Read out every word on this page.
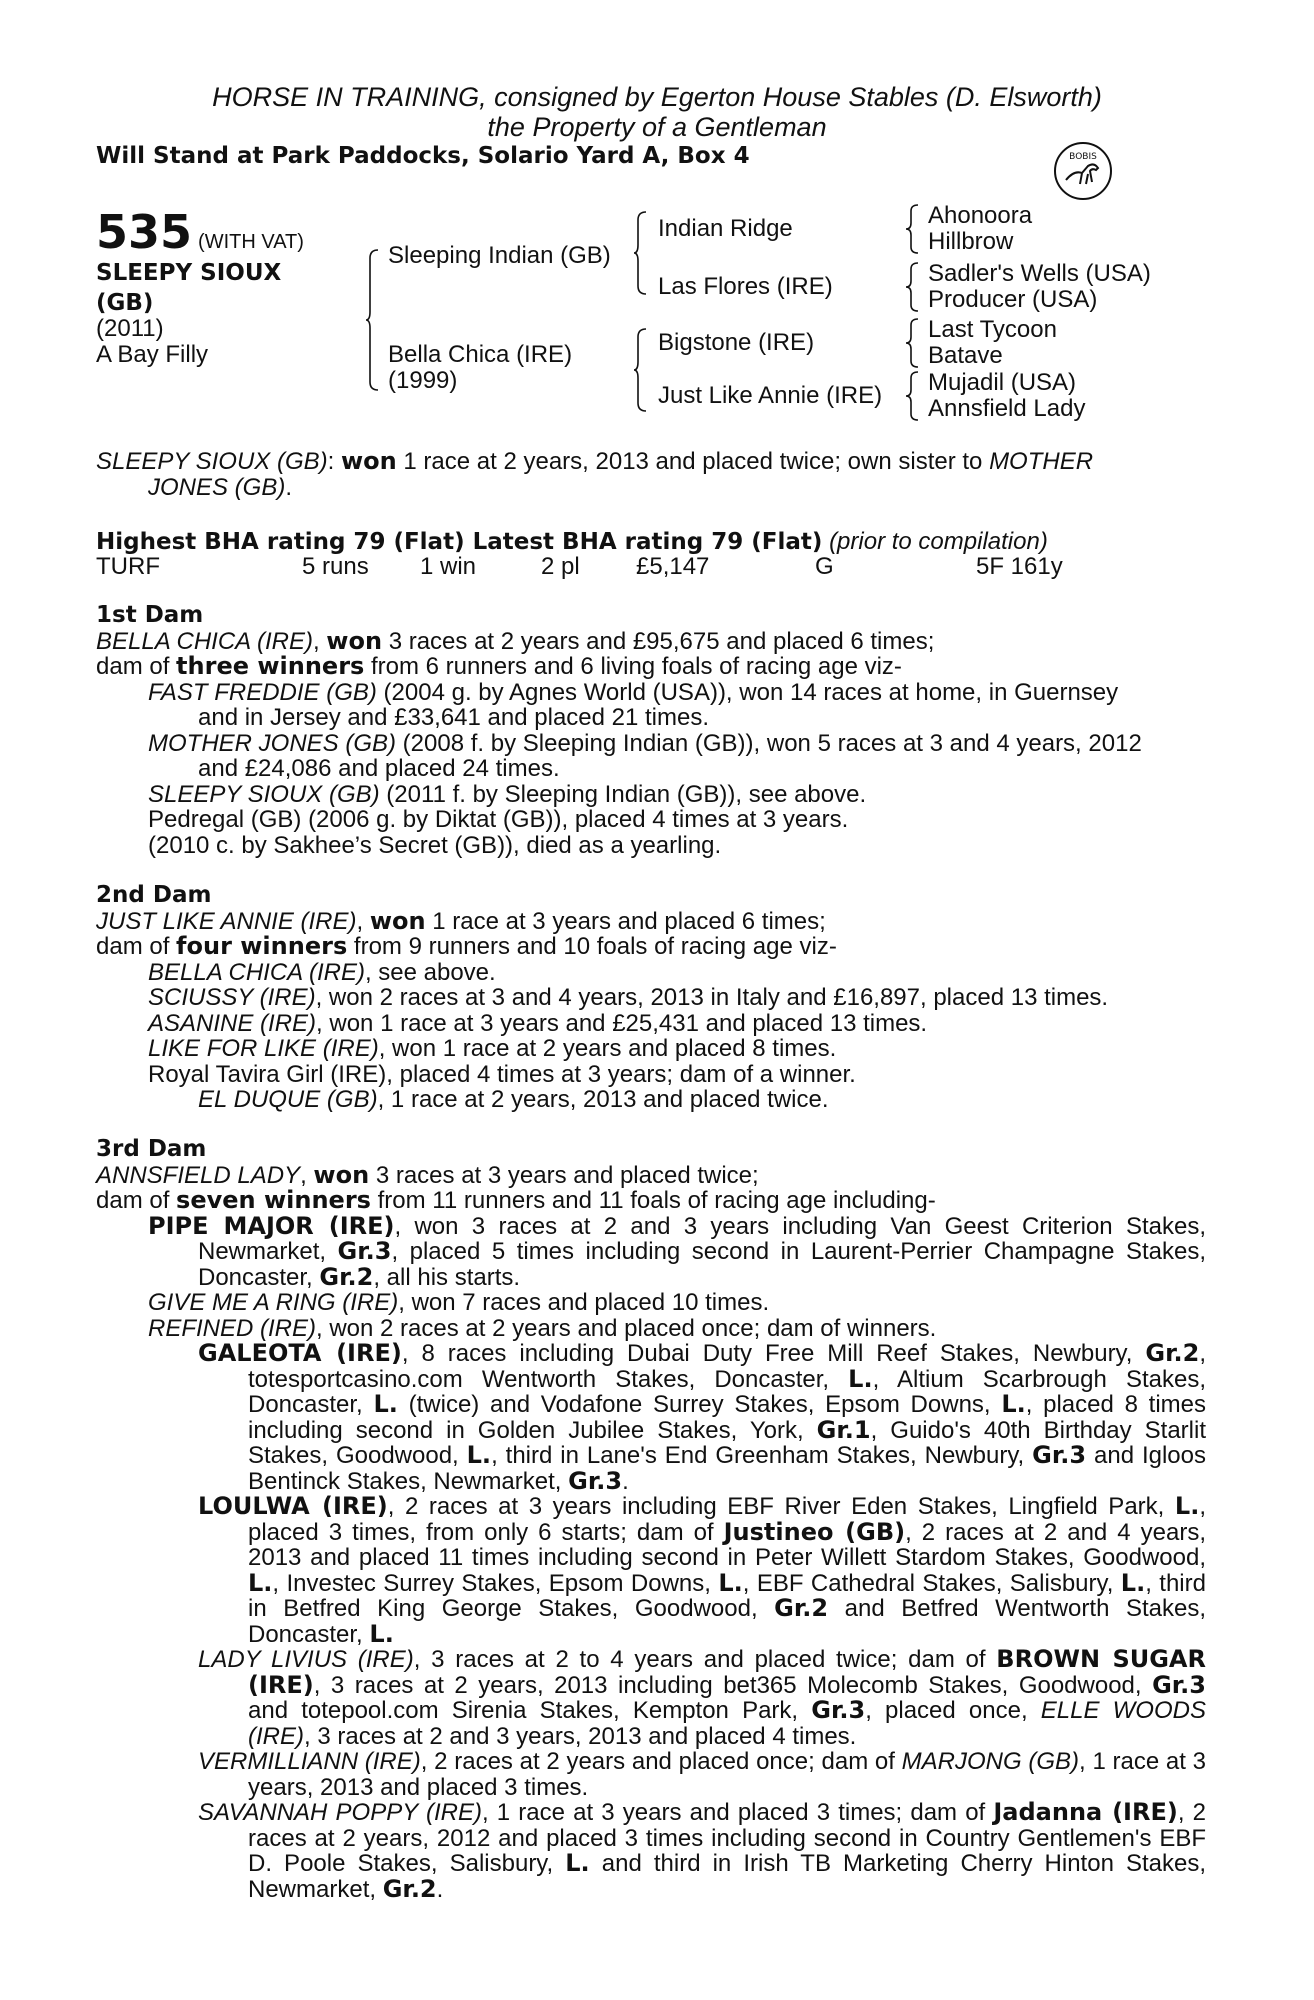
HORSE IN TRAINING, consigned by Egerton House Stables (D. Elsworth)
the Property of a Gentleman
Will Stand at Park Paddocks, Solario Yard A, Box 4	BOBIS
535 (WITH VAT)
SLEEPY SIOUX (GB)
(2011)
A Bay Filly
Sleeping Indian (GB)
Bella Chica (IRE)
(1999)
Indian Ridge
Las Flores (IRE)
Bigstone (IRE)
Just Like Annie (IRE)
Ahonoora
Hillbrow
Sadler's Wells (USA)
Producer (USA)
Last Tycoon
Batave
Mujadil (USA)
Annsfield Lady
SLEEPY SIOUX (GB): won 1 race at 2 years, 2013 and placed twice; own sister to MOTHER
JONES (GB).
Highest BHA rating 79 (Flat) Latest BHA rating 79 (Flat) (prior to compilation)
TURF	5 runs 1 win	2 pl £5,147	G	5F 161y
1st Dam
BELLA CHICA (IRE), won 3 races at 2 years and £95,675 and placed 6 times;
dam of three winners from 6 runners and 6 living foals of racing age viz-
FAST FREDDIE (GB) (2004 g. by Agnes World (USA)), won 14 races at home, in Guernsey
and in Jersey and £33,641 and placed 21 times.
MOTHER JONES (GB) (2008 f. by Sleeping Indian (GB)), won 5 races at 3 and 4 years, 2012
and £24,086 and placed 24 times.
SLEEPY SIOUX (GB) (2011 f. by Sleeping Indian (GB)), see above.
Pedregal (GB) (2006 g. by Diktat (GB)), placed 4 times at 3 years.
(2010 c. by Sakhee’s Secret (GB)), died as a yearling.
2nd Dam
JUST LIKE ANNIE (IRE), won 1 race at 3 years and placed 6 times;
dam of four winners from 9 runners and 10 foals of racing age viz-
BELLA CHICA (IRE), see above.
SCIUSSY (IRE), won 2 races at 3 and 4 years, 2013 in Italy and £16,897, placed 13 times.
ASANINE (IRE), won 1 race at 3 years and £25,431 and placed 13 times.
LIKE FOR LIKE (IRE), won 1 race at 2 years and placed 8 times.
Royal Tavira Girl (IRE), placed 4 times at 3 years; dam of a winner.
EL DUQUE (GB), 1 race at 2 years, 2013 and placed twice.
3rd Dam
ANNSFIELD LADY, won 3 races at 3 years and placed twice;
dam of seven winners from 11 runners and 11 foals of racing age including-
PIPE MAJOR (IRE), won 3 races at 2 and 3 years including Van Geest Criterion Stakes, Newmarket, Gr.3, placed 5 times including second in Laurent-Perrier Champagne Stakes, Doncaster, Gr.2, all his starts.
GIVE ME A RING (IRE), won 7 races and placed 10 times.
REFINED (IRE), won 2 races at 2 years and placed once; dam of winners.
GALEOTA (IRE), 8 races including Dubai Duty Free Mill Reef Stakes, Newbury, Gr.2, totesportcasino.com Wentworth Stakes, Doncaster, L., Altium Scarbrough Stakes, Doncaster, L. (twice) and Vodafone Surrey Stakes, Epsom Downs, L., placed 8 times including second in Golden Jubilee Stakes, York, Gr.1, Guido's 40th Birthday Starlit Stakes, Goodwood, L., third in Lane's End Greenham Stakes, Newbury, Gr.3 and Igloos Bentinck Stakes, Newmarket, Gr.3.
LOULWA (IRE), 2 races at 3 years including EBF River Eden Stakes, Lingfield Park, L., placed 3 times, from only 6 starts; dam of Justineo (GB), 2 races at 2 and 4 years, 2013 and placed 11 times including second in Peter Willett Stardom Stakes, Goodwood, L., Investec Surrey Stakes, Epsom Downs, L., EBF Cathedral Stakes, Salisbury, L., third in Betfred King George Stakes, Goodwood, Gr.2 and Betfred Wentworth Stakes, Doncaster, L.
LADY LIVIUS (IRE), 3 races at 2 to 4 years and placed twice; dam of BROWN SUGAR (IRE), 3 races at 2 years, 2013 including bet365 Molecomb Stakes, Goodwood, Gr.3 and totepool.com Sirenia Stakes, Kempton Park, Gr.3, placed once, ELLE WOODS (IRE), 3 races at 2 and 3 years, 2013 and placed 4 times.
VERMILLIANN (IRE), 2 races at 2 years and placed once; dam of MARJONG (GB), 1 race at 3 years, 2013 and placed 3 times.
SAVANNAH POPPY (IRE), 1 race at 3 years and placed 3 times; dam of Jadanna (IRE), 2 races at 2 years, 2012 and placed 3 times including second in Country Gentlemen's EBF D. Poole Stakes, Salisbury, L. and third in Irish TB Marketing Cherry Hinton Stakes, Newmarket, Gr.2.
